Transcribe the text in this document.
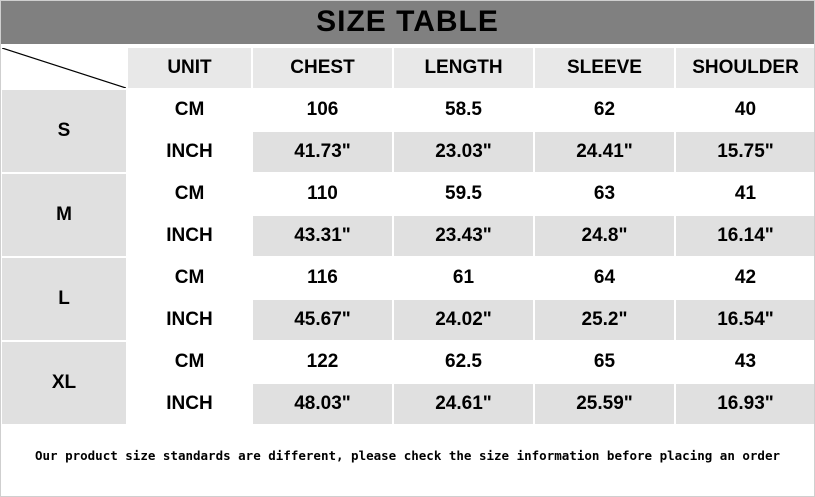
SIZE TABLE
	UNIT	CHEST	LENGTH	SLEEVE	SHOULDER
S	CM	106	58.5	62	40
	INCH	41.73"	23.03"	24.41"	15.75"
M	CM	110	59.5	63	41
	INCH	43.31"	23.43"	24.8"	16.14"
L	CM	116	61	64	42
	INCH	45.67"	24.02"	25.2"	16.54"
XL	CM	122	62.5	65	43
	INCH	48.03"	24.61"	25.59"	16.93"
Our product size standards are different, please check the size information before placing an order
